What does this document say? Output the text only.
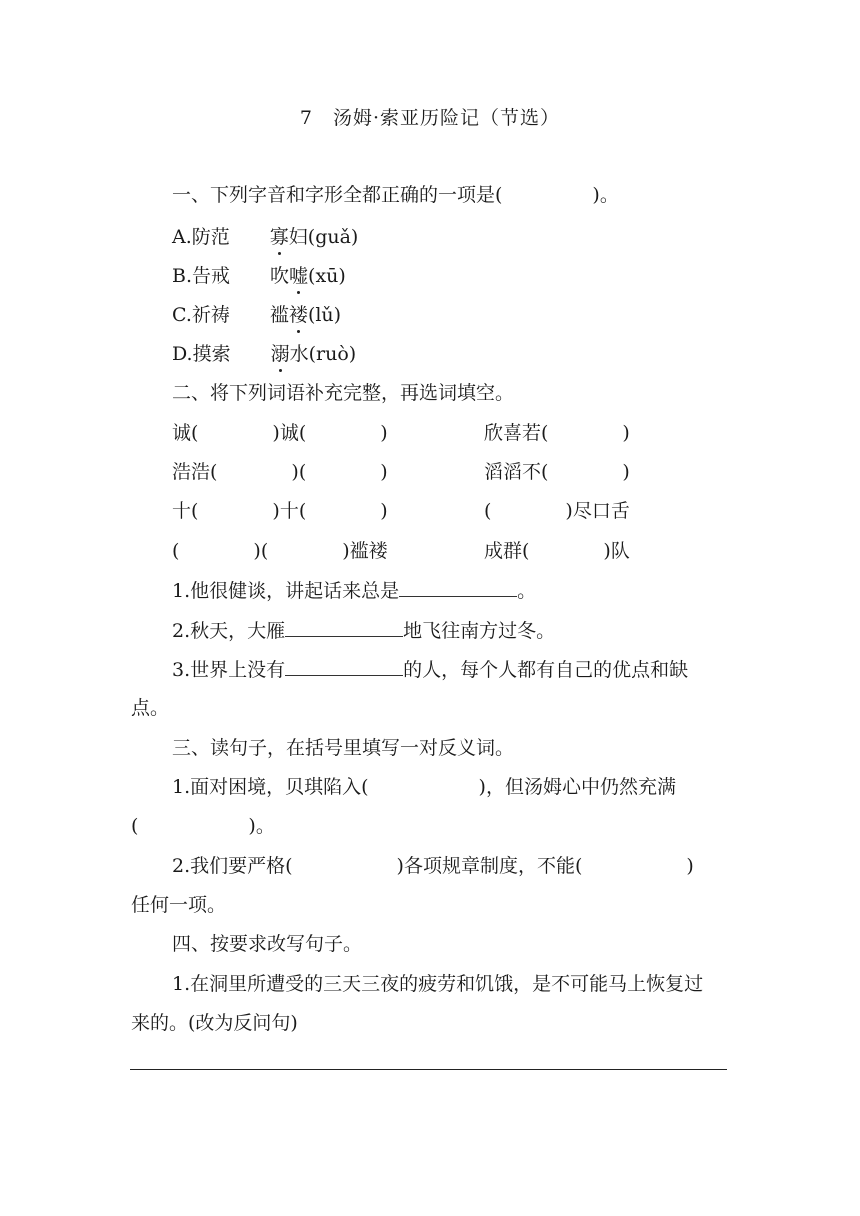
7　汤姆·索亚历险记（节选）
一、下列字音和字形全都正确的一项是(	)。
A.防范 寡妇(guǎ)
B.告戒 吹嘘(xū)
C.祈祷 褴褛(lǔ)
D.摸索 溺水(ruò)
二、将下列词语补充完整，再选词填空。
诚(	)诚(	)	欣喜若(	)
浩浩(	)(	)	滔滔不(	)
十(	)十(	)	(	)尽口舌
(	)(	)褴褛	成群(	)队
1.他很健谈，讲起话来总是	。
2.秋天，大雁	地飞往南方过冬。
3.世界上没有	的人，每个人都有自己的优点和缺
点。
三、读句子，在括号里填写一对反义词。
1.面对困境，贝琪陷入(	)，但汤姆心中仍然充满
(	)。
2.我们要严格(	)各项规章制度，不能(	)
任何一项。
四、按要求改写句子。
1.在洞里所遭受的三天三夜的疲劳和饥饿，是不可能马上恢复过
来的。(改为反问句)
